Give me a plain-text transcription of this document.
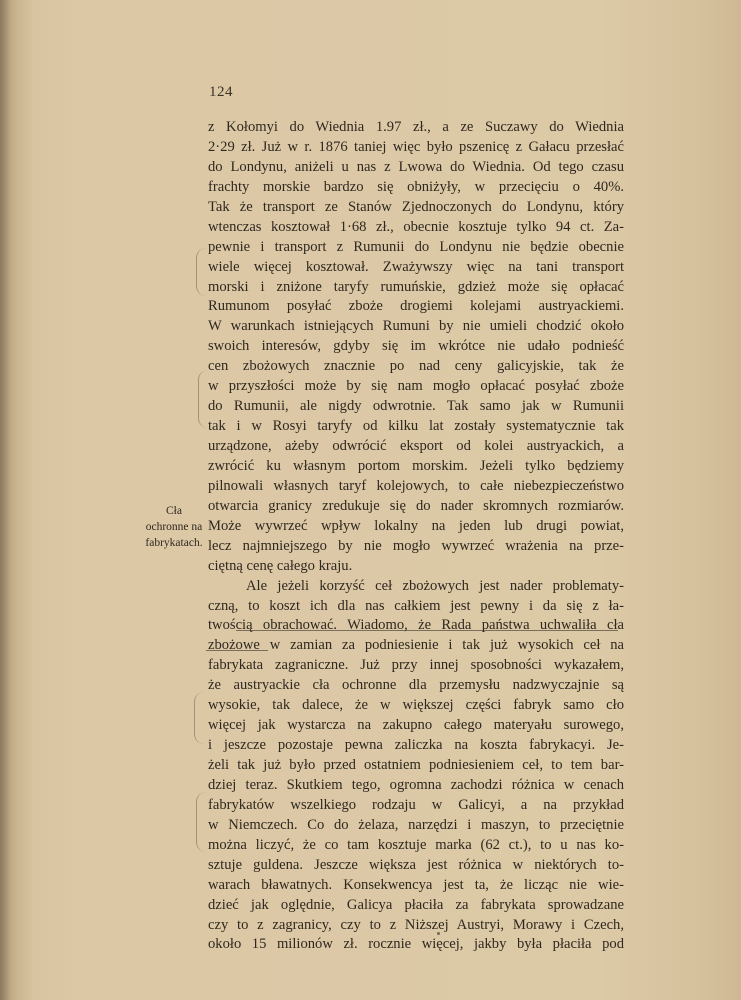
124
Cła
ochronne na
fabrykatach.
z Kołomyi do Wiednia 1.97 zł., a ze Suczawy do Wiednia
2·29 zł. Już w r. 1876 taniej więc było pszenicę z Gałacu przesłać
do Londynu, aniżeli u nas z Lwowa do Wiednia. Od tego czasu
frachty morskie bardzo się obniżyły, w przecięciu o 40%.
Tak że transport ze Stanów Zjednoczonych do Londynu, który
wtenczas kosztował 1·68 zł., obecnie kosztuje tylko 94 ct. Za-
pewnie i transport z Rumunii do Londynu nie będzie obecnie
wiele więcej kosztował. Zważywszy więc na tani transport
morski i zniżone taryfy rumuńskie, gdzież może się opłacać
Rumunom posyłać zboże drogiemi kolejami austryackiemi.
W warunkach istniejących Rumuni by nie umieli chodzić około
swoich interesów, gdyby się im wkrótce nie udało podnieść
cen zbożowych znacznie po nad ceny galicyjskie, tak że
w przyszłości może by się nam mogło opłacać posyłać zboże
do Rumunii, ale nigdy odwrotnie. Tak samo jak w Rumunii
tak i w Rosyi taryfy od kilku lat zostały systematycznie tak
urządzone, ażeby odwrócić eksport od kolei austryackich, a
zwrócić ku własnym portom morskim. Jeżeli tylko będziemy
pilnowali własnych taryf kolejowych, to całe niebezpieczeństwo
otwarcia granicy zredukuje się do nader skromnych rozmiarów.
Może wywrzeć wpływ lokalny na jeden lub drugi powiat,
lecz najmniejszego by nie mogło wywrzeć wrażenia na prze-
ciętną cenę całego kraju.
Ale jeżeli korzyść ceł zbożowych jest nader problematy-
czną, to koszt ich dla nas całkiem jest pewny i da się z ła-
twością obrachować. Wiadomo, że Rada państwa uchwaliła cła
zbożowe w zamian za podniesienie i tak już wysokich ceł na
fabrykata zagraniczne. Już przy innej sposobności wykazałem,
że austryackie cła ochronne dla przemysłu nadzwyczajnie są
wysokie, tak dalece, że w większej części fabryk samo cło
więcej jak wystarcza na zakupno całego materyału surowego,
i jeszcze pozostaje pewna zaliczka na koszta fabrykacyi. Je-
żeli tak już było przed ostatniem podniesieniem ceł, to tem bar-
dziej teraz. Skutkiem tego, ogromna zachodzi różnica w cenach
fabrykatów wszelkiego rodzaju w Galicyi, a na przykład
w Niemczech. Co do żelaza, narzędzi i maszyn, to przeciętnie
można liczyć, że co tam kosztuje marka (62 ct.), to u nas ko-
sztuje guldena. Jeszcze większa jest różnica w niektórych to-
warach bławatnych. Konsekwencya jest ta, że licząc nie wie-
dzieć jak oględnie, Galicya płaciła za fabrykata sprowadzane
czy to z zagranicy, czy to z Niższej Austryi, Morawy i Czech,
około 15 milionów zł. rocznie więcej, jakby była płaciła pod
